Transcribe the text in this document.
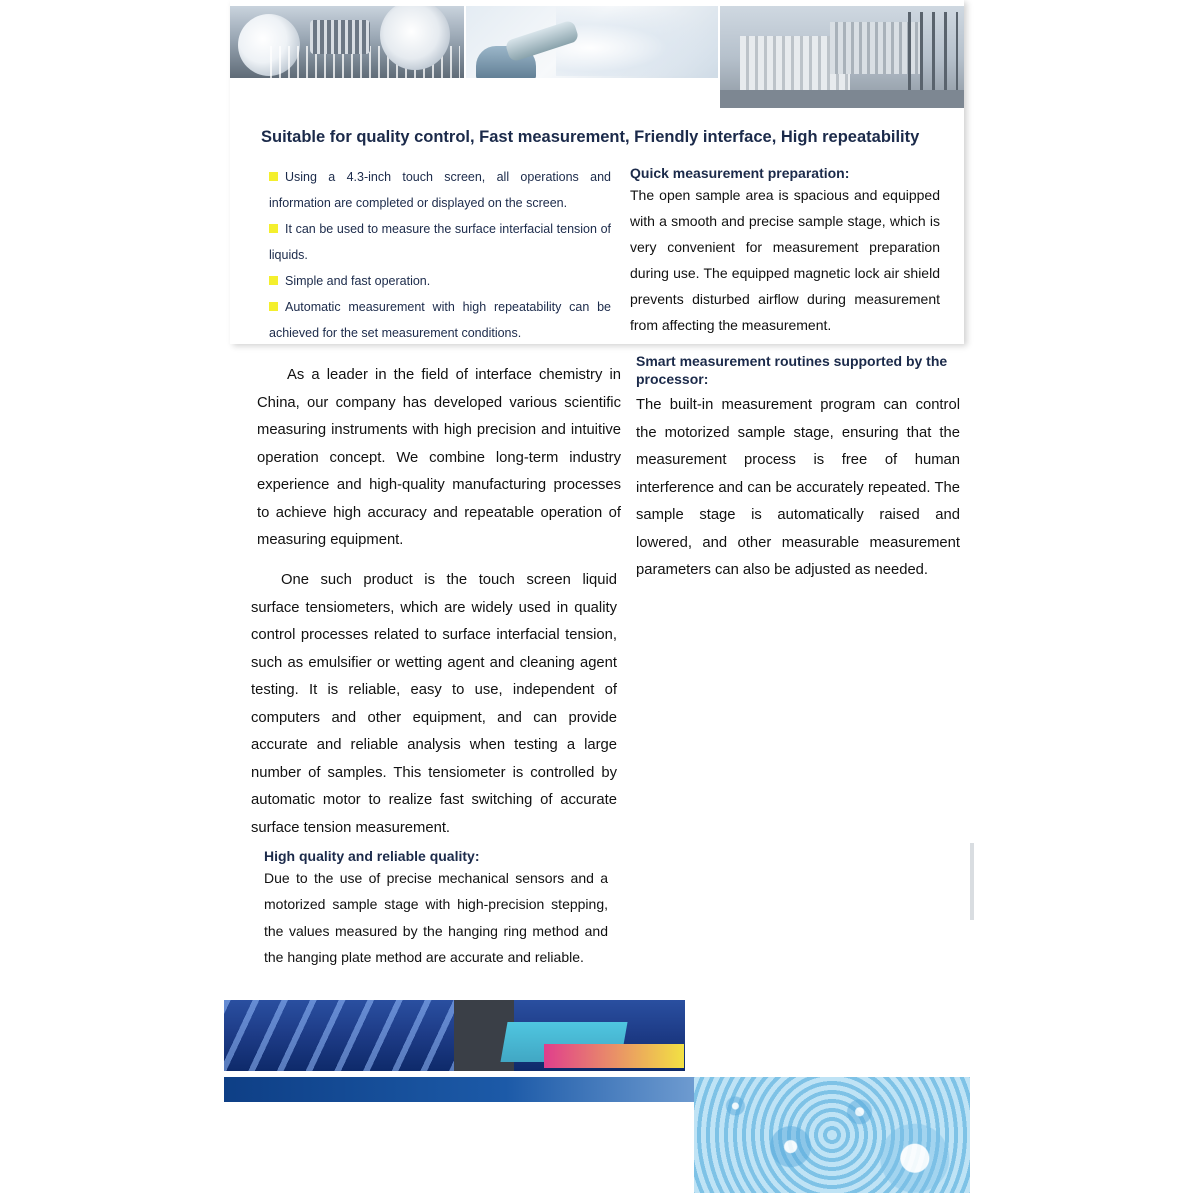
Suitable for quality control, Fast measurement, Friendly interface, High repeatability

Using a 4.3-inch touch screen, all operations and information are completed or displayed on the screen.

It can be used to measure the surface interfacial tension of liquids.

Simple and fast operation.

Automatic measurement with high repeatability can be achieved for the set measurement conditions.

Quick measurement preparation:
The open sample area is spacious and equipped with a smooth and precise sample stage, which is very convenient for measurement preparation during use. The equipped magnetic lock air shield prevents disturbed airflow during measurement from affecting the measurement.
As a leader in the field of interface chemistry in China, our company has developed various scientific measuring instruments with high precision and intuitive operation concept. We combine long-term industry experience and high-quality manufacturing processes to achieve high accuracy and repeatable operation of measuring equipment.
Smart measurement routines supported by the processor:
The built-in measurement program can control the motorized sample stage, ensuring that the measurement process is free of human interference and can be accurately repeated. The sample stage is automatically raised and lowered, and other measurable measurement parameters can also be adjusted as needed.
One such product is the touch screen liquid surface tensiometers, which are widely used in quality control processes related to surface interfacial tension, such as emulsifier or wetting agent and cleaning agent testing. It is reliable, easy to use, independent of computers and other equipment, and can provide accurate and reliable analysis when testing a large number of samples. This tensiometer is controlled by automatic motor to realize fast switching of accurate surface tension measurement.
High quality and reliable quality:
Due to the use of precise mechanical sensors and a motorized sample stage with high-precision stepping, the values measured by the hanging ring method and the hanging plate method are accurate and reliable.
